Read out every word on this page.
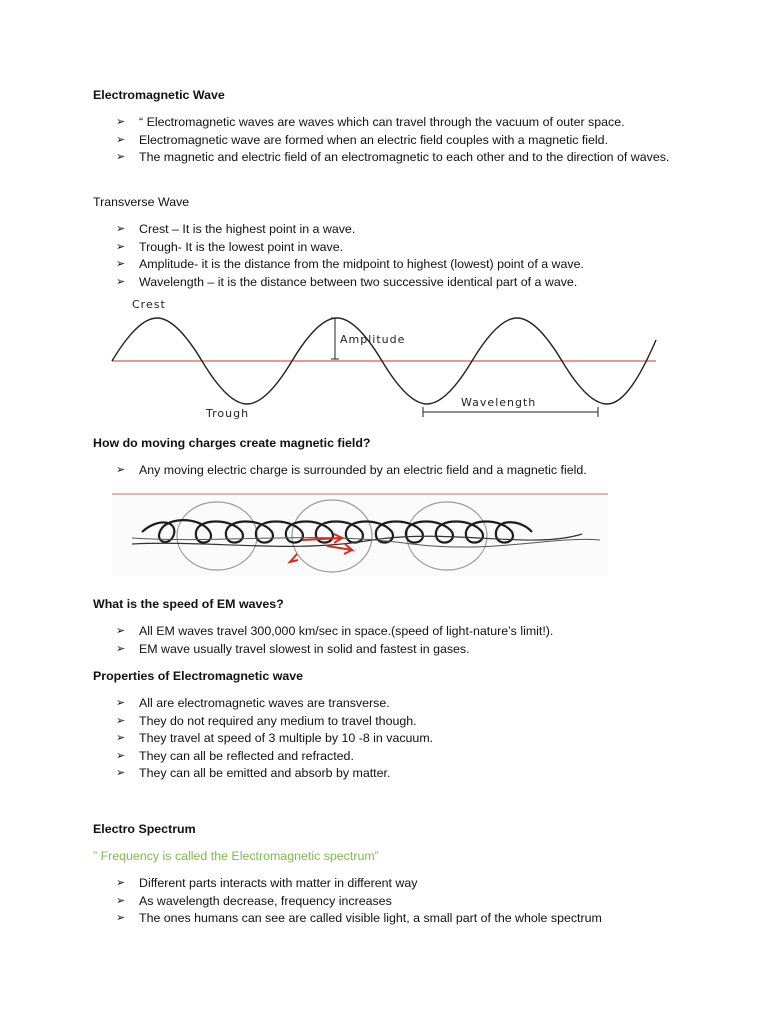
Electromagnetic Wave

➢ “ Electromagnetic waves are waves which can travel through the vacuum of outer space.
➢ Electromagnetic wave are formed when an electric field couples with a magnetic field.
➢ The magnetic and electric field of an electromagnetic to each other and to the direction of waves.

Transverse Wave

➢ Crest – It is the highest point in a wave.
➢ Trough- It is the lowest point in wave.
➢ Amplitude- it is the distance from the midpoint to highest (lowest) point of a wave.
➢ Wavelength – it is the distance between two successive identical part of a wave.
Crest
Amplitude
Trough
Wavelength

How do moving charges create magnetic field?

➢ Any moving electric charge is surrounded by an electric field and a magnetic field.

What is the speed of EM waves?

➢ All EM waves travel 300,000 km/sec in space.(speed of light-nature’s limit!).
➢ EM wave usually travel slowest in solid and fastest in gases.

Properties of Electromagnetic wave

➢ All are electromagnetic waves are transverse.
➢ They do not required any medium to travel though.
➢ They travel at speed of 3 multiple by 10 -8 in vacuum.
➢ They can all be reflected and refracted.
➢ They can all be emitted and absorb by matter.

Electro Spectrum

” Frequency is called the Electromagnetic spectrum”

➢ Different parts interacts with matter in different way
➢ As wavelength decrease, frequency increases
➢ The ones humans can see are called visible light, a small part of the whole spectrum
